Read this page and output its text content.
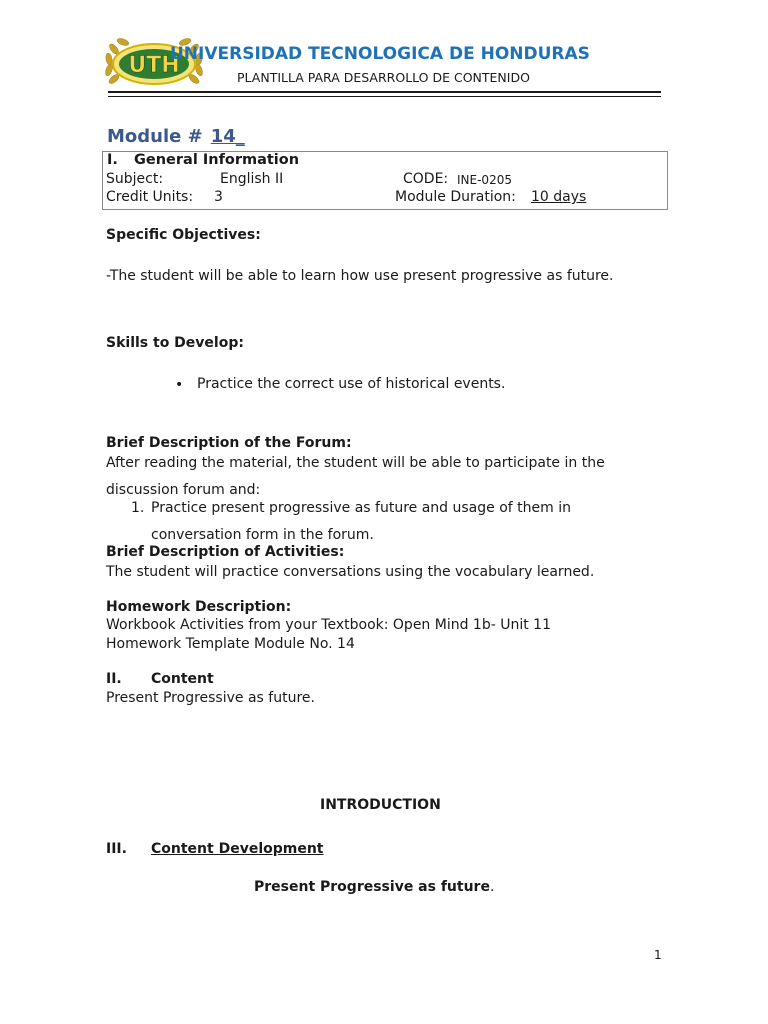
UTH
UNIVERSIDAD TECNOLOGICA DE HONDURAS
PLANTILLA PARA DESARROLLO DE CONTENIDO
Module # 14_
I. General Information
Subject:	English II	CODE: INE-0205
Credit Units: 3	Module Duration: 10 days
Specific Objectives:
-The student will be able to learn how use present progressive as future.
Skills to Develop:
• Practice the correct use of historical events.
Brief Description of the Forum:
After reading the material, the student will be able to participate in the
discussion forum and:
1. Practice present progressive as future and usage of them in
conversation form in the forum.
Brief Description of Activities:
The student will practice conversations using the vocabulary learned.
Homework Description:
Workbook Activities from your Textbook: Open Mind 1b- Unit 11
Homework Template Module No. 14
II. Content
Present Progressive as future.
INTRODUCTION
III. Content Development
Present Progressive as future.
1
